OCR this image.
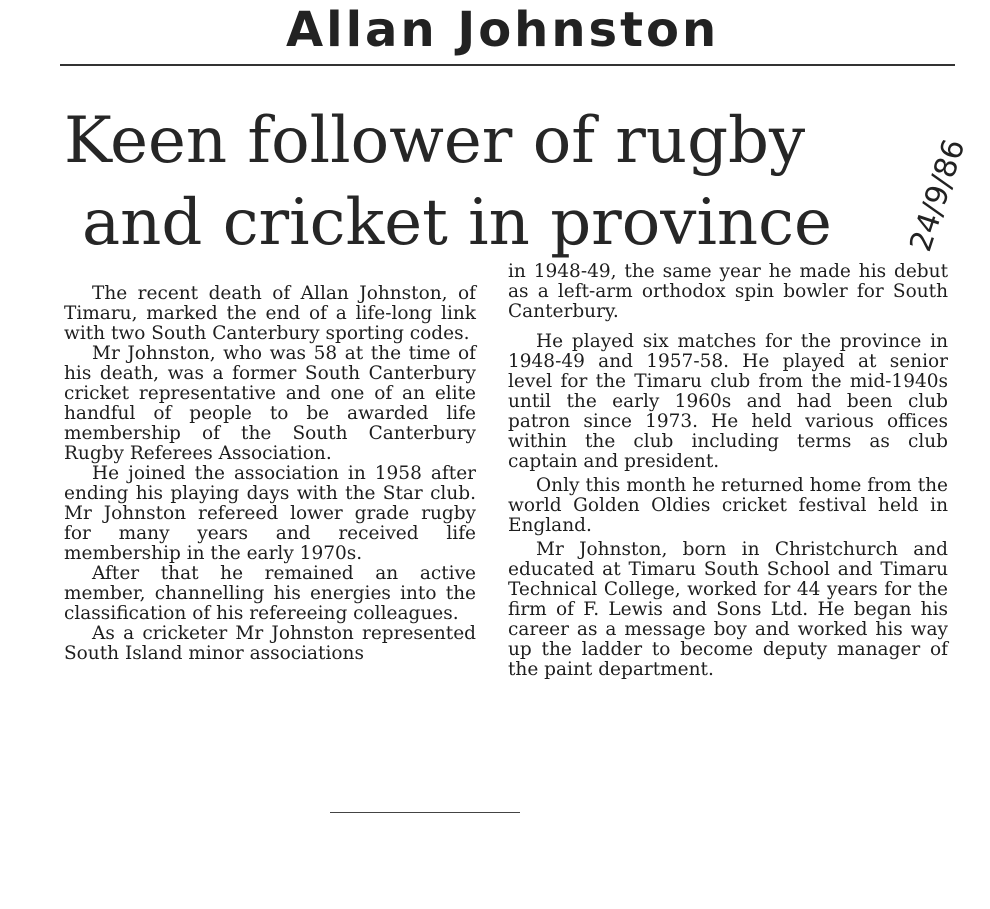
Allan Johnston
Keen follower of rugby
and cricket in province	24/9/86

The recent death of Allan Johnston, of Timaru, marked the end of a life-long link with two South Canterbury sporting codes.

Mr Johnston, who was 58 at the time of his death, was a former South Canterbury cricket representative and one of an elite handful of people to be awarded life membership of the South Canterbury Rugby Referees Association.

He joined the association in 1958 after ending his playing days with the Star club. Mr Johnston refereed lower grade rugby for many years and received life membership in the early 1970s.

After that he remained an active member, channelling his energies into the classification of his refereeing colleagues.

As a cricketer Mr Johnston represented South Island minor associations

in 1948-49, the same year he made his debut as a left-arm orthodox spin bowler for South Canterbury.

He played six matches for the province in 1948-49 and 1957-58. He played at senior level for the Timaru club from the mid-1940s until the early 1960s and had been club patron since 1973. He held various offices within the club including terms as club captain and president.

Only this month he returned home from the world Golden Oldies cricket festival held in England.

Mr Johnston, born in Christchurch and educated at Timaru South School and Timaru Technical College, worked for 44 years for the firm of F. Lewis and Sons Ltd. He began his career as a message boy and worked his way up the ladder to become deputy manager of the paint department.
